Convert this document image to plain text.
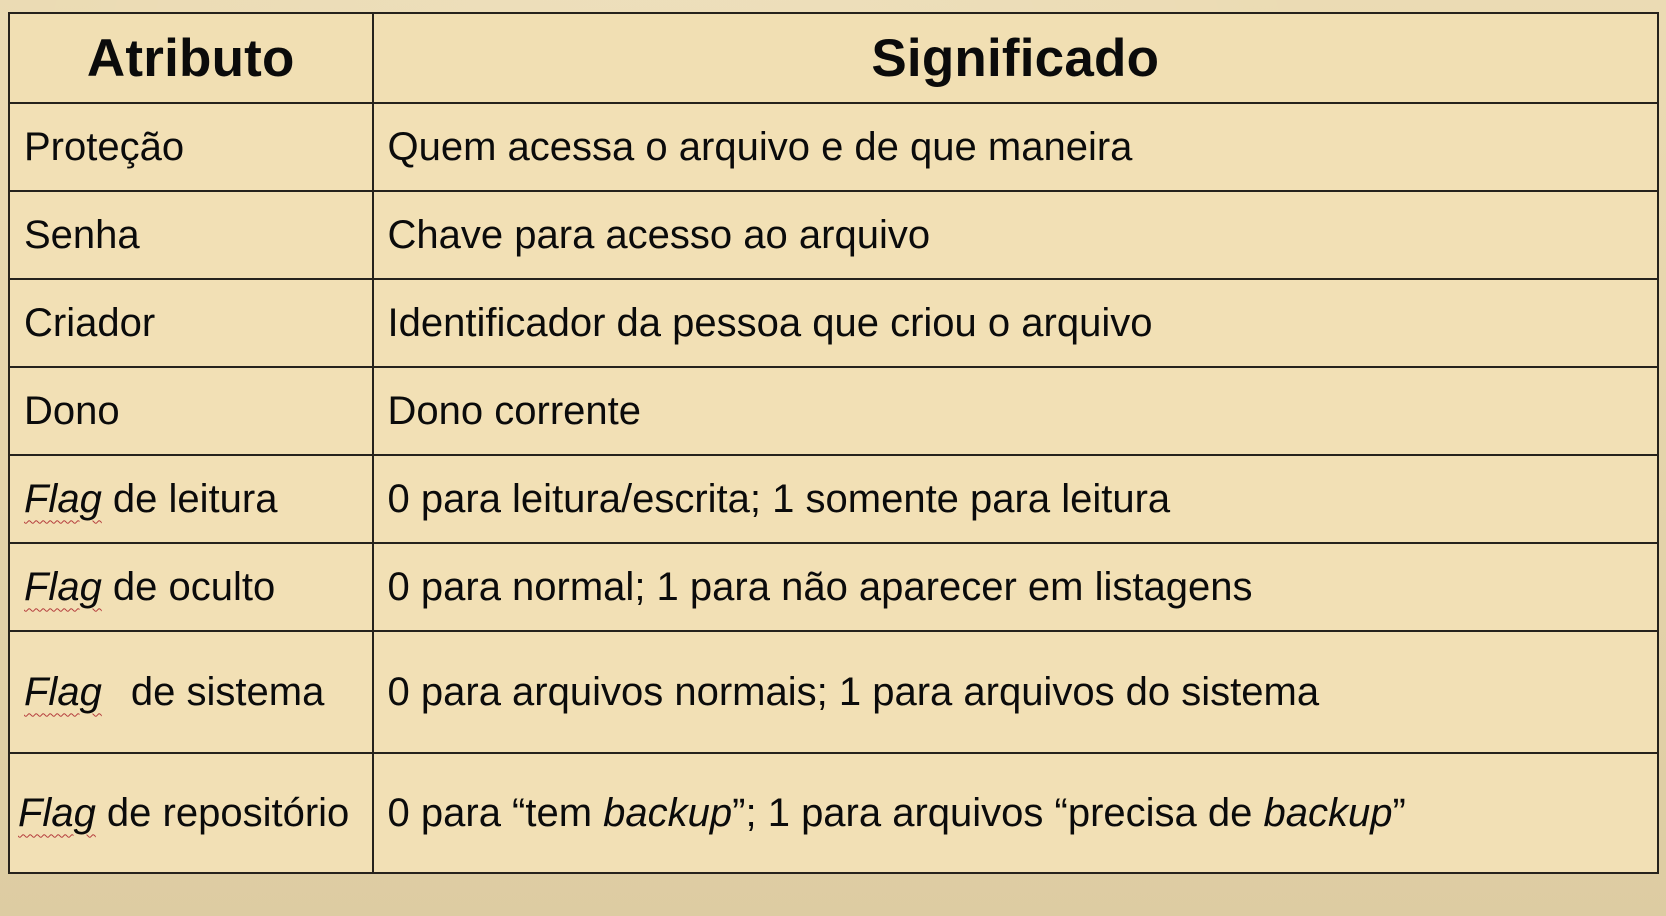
Atributo	Significado
Proteção	Quem acessa o arquivo e de que maneira
Senha	Chave para acesso ao arquivo
Criador	Identificador da pessoa que criou o arquivo
Dono	Dono corrente
Flag de leitura	0 para leitura/escrita; 1 somente para leitura
Flag de oculto	0 para normal; 1 para não aparecer em listagens
Flag de sistema	0 para arquivos normais; 1 para arquivos do sistema
Flag de repositório	0 para “tem backup”; 1 para arquivos “precisa de backup”
